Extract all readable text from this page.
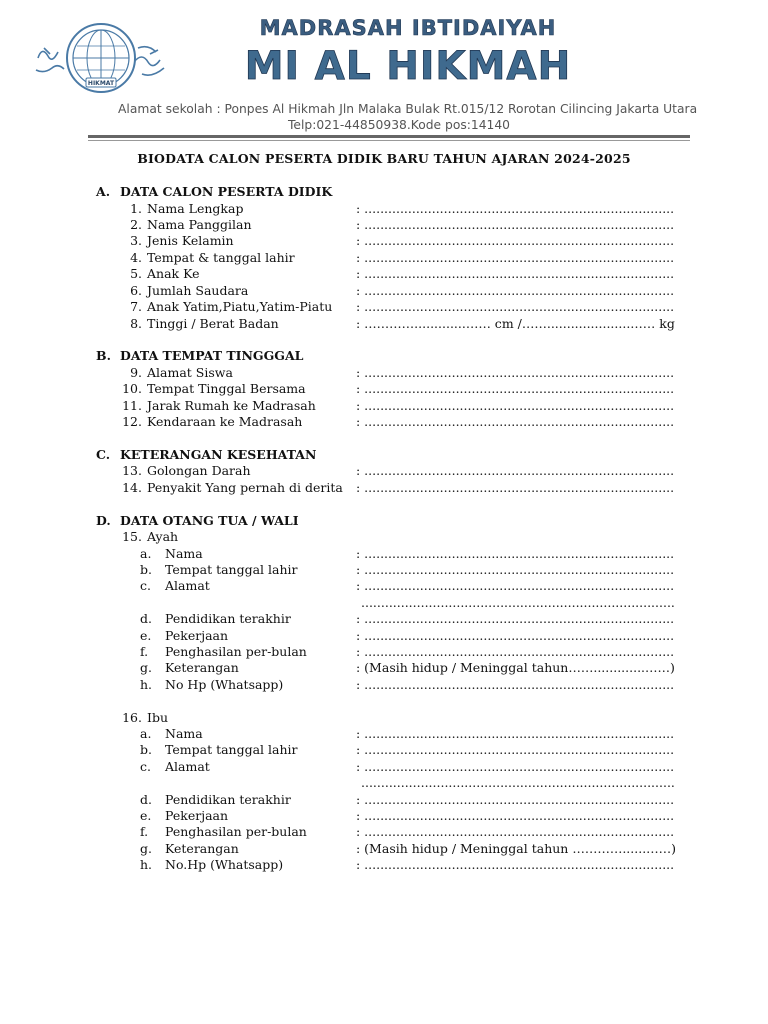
HIKMAT
MADRASAH IBTIDAIYAH
MI AL HIKMAH
Alamat sekolah : Ponpes Al Hikmah Jln Malaka Bulak Rt.015/12 Rorotan Cilincing Jakarta Utara
Telp:021-44850938.Kode pos:14140
BIODATA CALON PESERTA DIDIK BARU TAHUN AJARAN 2024-2025
A. DATA CALON PESERTA DIDIK
1. Nama Lengkap	: ..............................................................................
2. Nama Panggilan	: ..............................................................................
3. Jenis Kelamin	: ..............................................................................
4. Tempat & tanggal lahir	: ..............................................................................
5. Anak Ke	: ..............................................................................
6. Jumlah Saudara	: ..............................................................................
7. Anak Yatim,Piatu,Yatim-Piatu : ..............................................................................
8. Tinggi / Berat Badan	: ………….............…… cm /…….....................…… kg
B. DATA TEMPAT TINGGGAL
9. Alamat Siswa	: ..............................................................................
10. Tempat Tinggal Bersama	: ..............................................................................
11. Jarak Rumah ke Madrasah	: ..............................................................................
12. Kendaraan ke Madrasah	: ..............................................................................
C. KETERANGAN KESEHATAN
13. Golongan Darah	: ..............................................................................
14. Penyakit Yang pernah di derita : ..............................................................................
D. DATA OTANG TUA / WALI
15. Ayah
a.	Nama	: ..............................................................................
b.	Tempat tanggal lahir	: ..............................................................................
c.	Alamat	: ..............................................................................
...............................................................................
d.	Pendidikan terakhir	: ..............................................................................
e.	Pekerjaan	: ..............................................................................
f.	Penghasilan per-bulan	: ..............................................................................
g.	Keterangan	: (Masih hidup / Meninggal tahun…….............……)
h.	No Hp (Whatsapp)	: ..............................................................................
16. Ibu
a.	Nama	: ..............................................................................
b.	Tempat tanggal lahir	: ..............................................................................
c.	Alamat	: ..............................................................................
...............................................................................
d.	Pendidikan terakhir	: ..............................................................................
e.	Pekerjaan	: ..............................................................................
f.	Penghasilan per-bulan	: ..............................................................................
g.	Keterangan	: (Masih hidup / Meninggal tahun …………......……)
h.	No.Hp (Whatsapp)	: ..............................................................................
